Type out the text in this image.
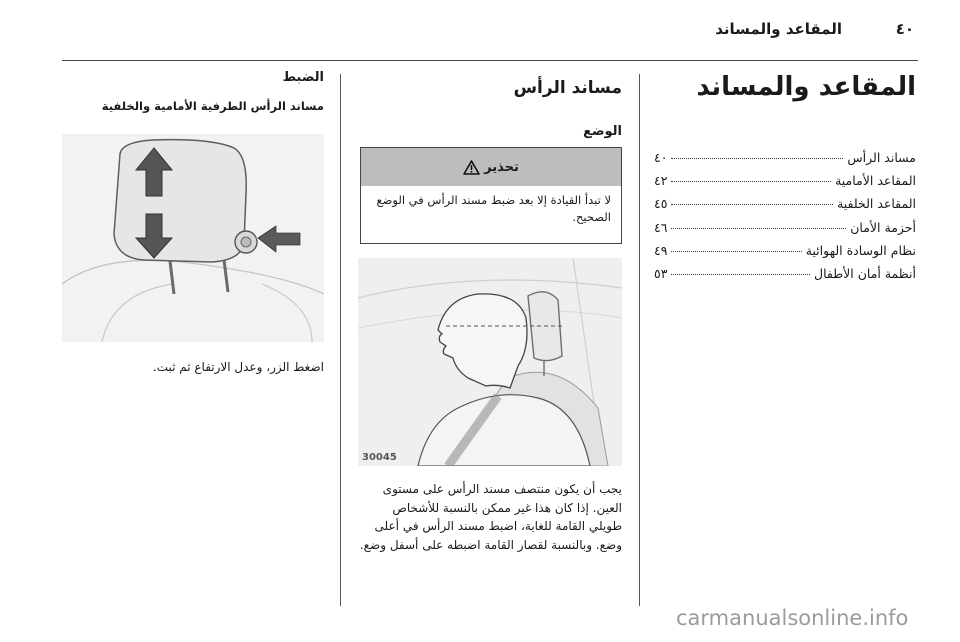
المقاعد والمساند	٤٠
المقاعد والمساند
مساند الرأس
٤٠
المقاعد الأمامية
٤٢
المقاعد الخلفية
٤٥
أحزمة الأمان
٤٦
نظام الوسادة الهوائية
٤٩
أنظمة أمان الأطفال
٥٣
مساند الرأس
الوضع
تحذير
لا تبدأ القيادة إلا بعد ضبط مسند الرأس في الوضع الصحيح.
30045
يجب أن يكون منتصف مسند الرأس على مستوى العين. إذا كان هذا غير ممكن بالنسبة للأشخاص طويلي القامة للغاية، اضبط مسند الرأس في أعلى وضع. وبالنسبة لقصار القامة اضبطه على أسفل وضع.
الضبط
مساند الرأس الطرفية الأمامية والخلفية
اضغط الزر، وعدل الارتفاع ثم ثبت.
carmanualsonline.info
